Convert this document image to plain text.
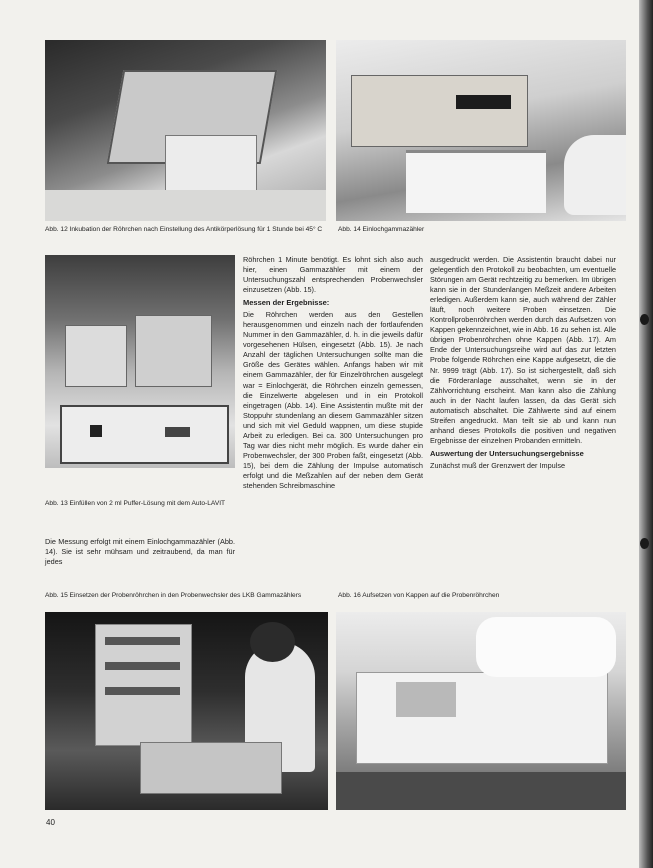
Abb. 12 Inkubation der Röhrchen nach Einstellung des Antikörperlösung für 1 Stunde bei 45° C	Abb. 14 Einlochgammazähler
Abb. 13 Einfüllen von 2 ml Puffer-Lösung mit dem Auto-LAVIT

Die Messung erfolgt mit einem Einlochgammazähler (Abb. 14). Sie ist sehr mühsam und zeitraubend, da man für jedes

Röhrchen 1 Minute benötigt. Es lohnt sich also auch hier, einen Gammazähler mit einem der Untersuchungszahl entsprechenden Probenwechsler einzusetzen (Abb. 15).

Messen der Ergebnisse:

Die Röhrchen werden aus den Gestellen herausgenommen und einzeln nach der fortlaufenden Nummer in den Gammazähler, d. h. in die jeweils dafür vorgesehenen Hülsen, eingesetzt (Abb. 15). Je nach Anzahl der täglichen Untersuchungen sollte man die Größe des Gerätes wählen. Anfangs haben wir mit einem Gammazähler, der für Einzelröhrchen ausgelegt war = Einlochgerät, die Röhrchen einzeln gemessen, die Einzelwerte abgelesen und in ein Protokoll eingetragen (Abb. 14). Eine Assistentin mußte mit der Stoppuhr stundenlang an diesem Gammazähler sitzen und sich mit viel Geduld wappnen, um diese stupide Arbeit zu erledigen. Bei ca. 300 Untersuchungen pro Tag war dies nicht mehr möglich. Es wurde daher ein Probenwechsler, der 300 Proben faßt, eingesetzt (Abb. 15), bei dem die Zählung der Impulse automatisch erfolgt und die Meßzahlen auf der neben dem Gerät stehenden Schreibmaschine

ausgedruckt werden. Die Assistentin braucht dabei nur gelegentlich den Protokoll zu beobachten, um eventuelle Störungen am Gerät rechtzeitig zu bemerken. Im übrigen kann sie in der Stundenlangen Meßzeit andere Arbeiten erledigen. Außerdem kann sie, auch während der Zähler läuft, noch weitere Proben einsetzen. Die Kontrollprobenröhrchen werden durch das Aufsetzen von Kappen gekennzeichnet, wie in Abb. 16 zu sehen ist. Alle übrigen Probenröhrchen ohne Kappen (Abb. 17). Am Ende der Untersuchungsreihe wird auf das zur letzten Probe folgende Röhrchen eine Kappe aufgesetzt, die die Nr. 9999 trägt (Abb. 17). So ist sichergestellt, daß sich die Förderanlage ausschaltet, wenn sie in der Zählvorrichtung erscheint. Man kann also die Zählung auch in der Nacht laufen lassen, da das Gerät sich automatisch abschaltet. Die Zählwerte sind auf einem Streifen angedruckt. Man teilt sie ab und kann nun anhand dieses Protokolls die positiven und negativen Ergebnisse der einzelnen Probanden ermitteln.

Auswertung der Untersuchungsergebnisse

Zunächst muß der Grenzwert der Impulse

Abb. 15 Einsetzen der Probenröhrchen in den Probenwechsler des LKB Gammazählers	Abb. 16 Aufsetzen von Kappen auf die Probenröhrchen
40
